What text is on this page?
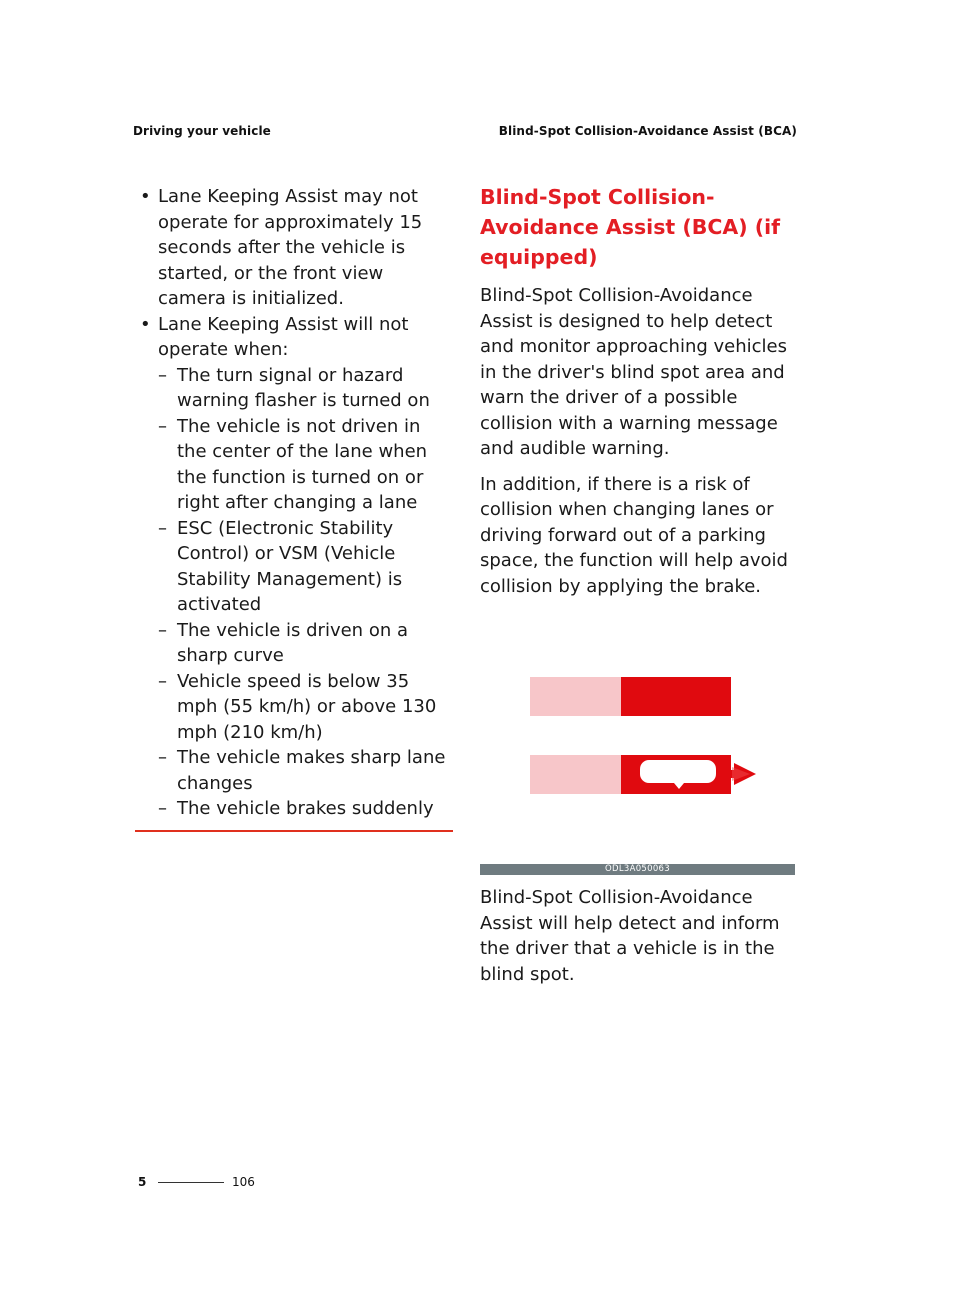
Driving your vehicle	Blind-Spot Collision-Avoidance Assist (BCA)
• Lane Keeping Assist may not operate for approximately 15 seconds after the vehicle is started, or the front view camera is initialized.
• Lane Keeping Assist will not operate when:
– The turn signal or hazard warning flasher is turned on
– The vehicle is not driven in the center of the lane when the function is turned on or right after changing a lane
– ESC (Electronic Stability Control) or VSM (Vehicle Stability Management) is activated
– The vehicle is driven on a sharp curve
– Vehicle speed is below 35 mph (55 km/h) or above 130 mph (210 km/h)
– The vehicle makes sharp lane changes
– The vehicle brakes suddenly
Blind-Spot Collision-Avoidance Assist (BCA) (if equipped)

Blind-Spot Collision-Avoidance Assist is designed to help detect and monitor approaching vehicles in the driver's blind spot area and warn the driver of a possible collision with a warning message and audible warning.

In addition, if there is a risk of collision when changing lanes or driving forward out of a parking space, the function will help avoid collision by applying the brake.

ODL3A050063

Blind-Spot Collision-Avoidance Assist will help detect and inform the driver that a vehicle is in the blind spot.

5	106
